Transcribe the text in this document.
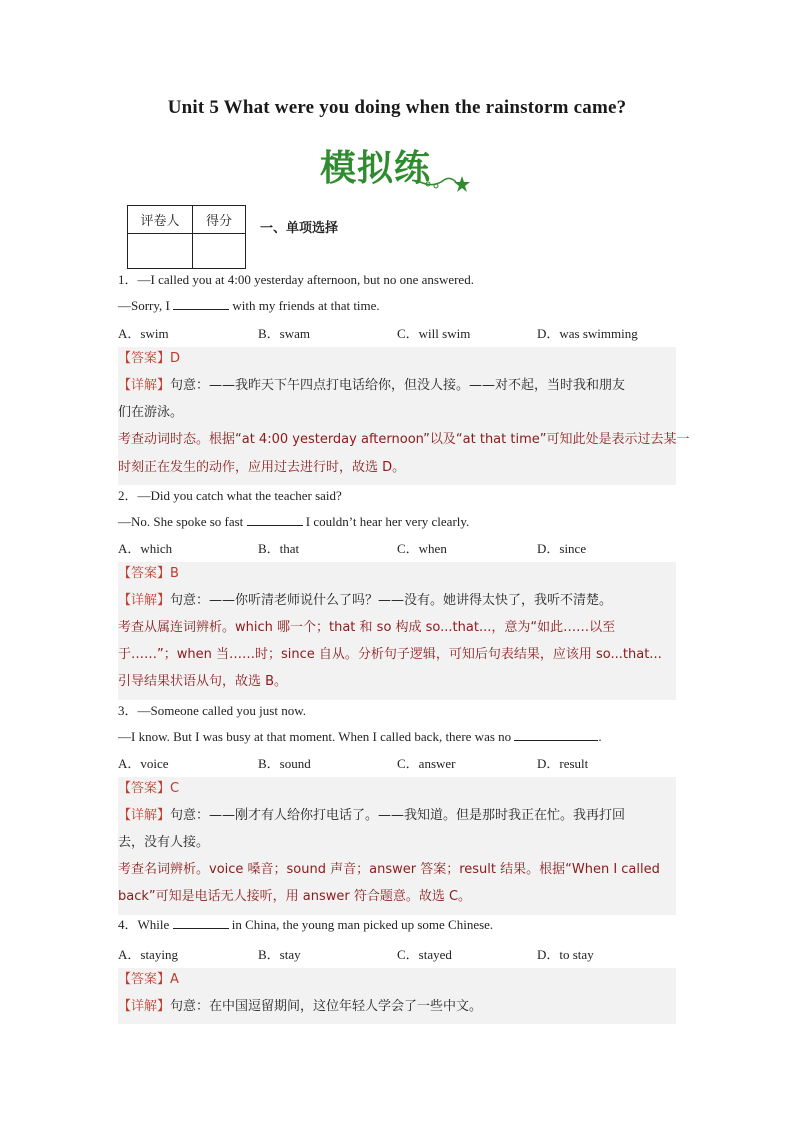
Unit 5 What were you doing when the rainstorm came?
模拟练
评卷人	得分
	一、单项选择
1．—I called you at 4:00 yesterday afternoon, but no one answered.
—Sorry, I	with my friends at that time.
A．swim	B．swam	C．will swim	D．was swimming
【答案】D
【详解】句意：——我昨天下午四点打电话给你，但没人接。——对不起，当时我和朋友
们在游泳。
考查动词时态。根据“at 4:00 yesterday afternoon”以及“at that time”可知此处是表示过去某一
时刻正在发生的动作，应用过去进行时，故选 D。
2．—Did you catch what the teacher said?
—No. She spoke so fast	I couldn’t hear her very clearly.
A．which	B．that	C．when	D．since
【答案】B
【详解】句意：——你听清老师说什么了吗？——没有。她讲得太快了，我听不清楚。
考查从属连词辨析。which 哪一个；that 和 so 构成 so...that...，意为“如此……以至
于……”；when 当……时；since 自从。分析句子逻辑，可知后句表结果，应该用 so...that...
引导结果状语从句，故选 B。
3．—Someone called you just now.
—I know. But I was busy at that moment. When I called back, there was no	.
A．voice	B．sound	C．answer	D．result
【答案】C
【详解】句意：——刚才有人给你打电话了。——我知道。但是那时我正在忙。我再打回
去，没有人接。
考查名词辨析。voice 嗓音；sound 声音；answer 答案；result 结果。根据“When I called
back”可知是电话无人接听，用 answer 符合题意。故选 C。
4．While	in China, the young man picked up some Chinese.
A．staying	B．stay	C．stayed	D．to stay
【答案】A
【详解】句意：在中国逗留期间，这位年轻人学会了一些中文。
